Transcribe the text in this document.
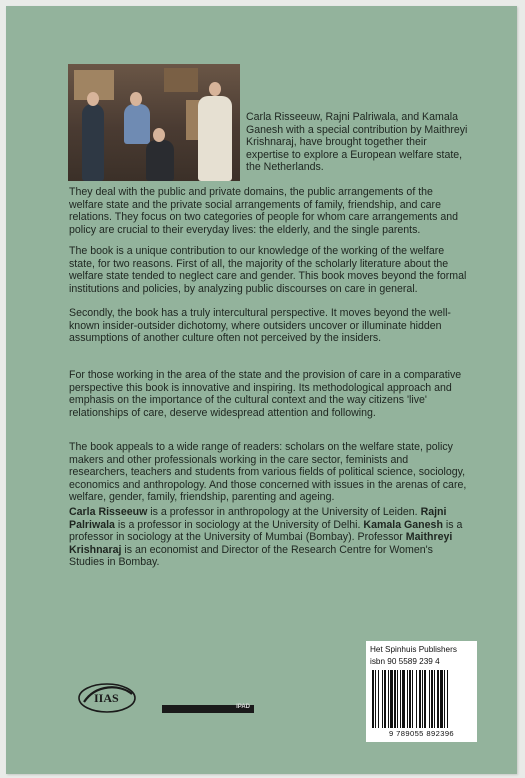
Carla Risseeuw, Rajni Palriwala, and Kamala Ganesh with a special contribution by Maithreyi Krishnaraj, have brought together their expertise to explore a European welfare state, the Netherlands.
They deal with the public and private domains, the public arrangements of the welfare state and the private social arrangements of family, friendship, and care relations. They focus on two categories of people for whom care arrangements and policy are crucial to their everyday lives: the elderly, and the single parents.
The book is a unique contribution to our knowledge of the working of the welfare state, for two reasons. First of all, the majority of the scholarly literature about the welfare state tended to neglect care and gender. This book moves beyond the formal institutions and policies, by analyzing public discourses on care in general.
Secondly, the book has a truly intercultural perspective. It moves beyond the well-known insider-outsider dichotomy, where outsiders uncover or illuminate hidden assumptions of another culture often not perceived by the insiders.
For those working in the area of the state and the provision of care in a comparative perspective this book is innovative and inspiring. Its methodological approach and emphasis on the importance of the cultural context and the way citizens 'live' relationships of care, deserve widespread attention and following.
The book appeals to a wide range of readers: scholars on the welfare state, policy makers and other professionals working in the care sector, feminists and researchers, teachers and students from various fields of political science, sociology, economics and anthropology. And those concerned with issues in the arenas of care, welfare, gender, family, friendship, parenting and ageing.
Carla Risseeuw is a professor in anthropology at the University of Leiden. Rajni Palriwala is a professor in sociology at the University of Delhi. Kamala Ganesh is a professor in sociology at the University of Mumbai (Bombay). Professor Maithreyi Krishnaraj is an economist and Director of the Research Centre for Women's Studies in Bombay.
IIAS
IPAD
Het Spinhuis Publishers
isbn 90 5589 239 4
9 789055 892396
